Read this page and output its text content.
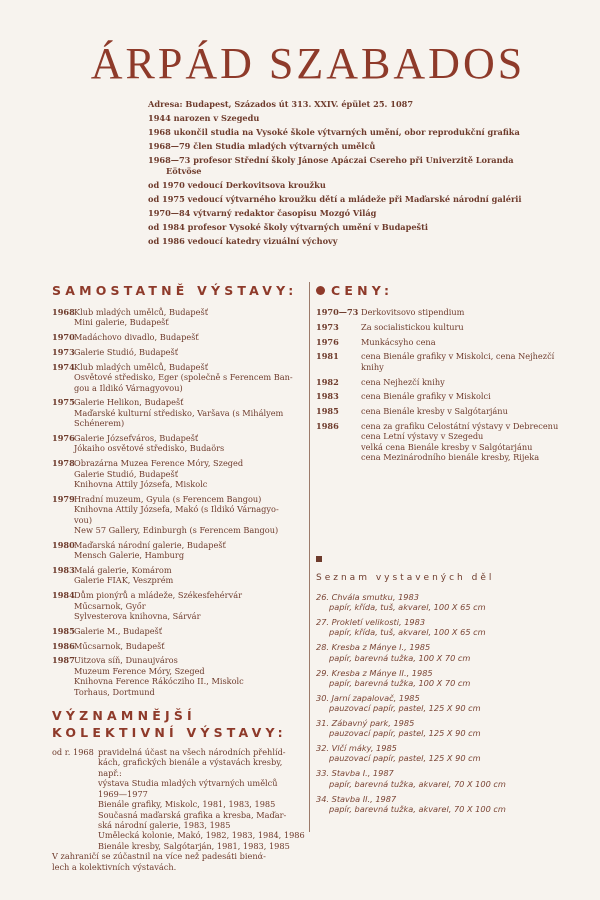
ÁRPÁD SZABADOS
Adresa: Budapest, Százados út 313. XXIV. épület 25. 1087
1944 narozen v Szegedu
1968 ukončil studia na Vysoké škole výtvarných umění, obor reprodukční grafika
1968—79 člen Studia mladých výtvarných umělců
1968—73 profesor Střední školy Jánose Apáczai Csereho při Univerzitě Loranda Eötvöse
od 1970 vedoucí Derkovitsova kroužku
od 1975 vedoucí výtvarného kroužku dětí a mládeže při Maďarské národní galérii
1970—84 výtvarný redaktor časopisu Mozgó Világ
od 1984 profesor Vysoké školy výtvarných umění v Budapešti
od 1986 vedoucí katedry vizuální výchovy
SAMOSTATNĚ VÝSTAVY:
1968 Klub mladých umělců, Budapešť
Mini galerie, Budapešť
1970 Madáchovo divadlo, Budapešť
1973 Galerie Studió, Budapešť
1974 Klub mladých umělců, Budapešť
Osvětové středisko, Eger (společně s Ferencem Ban-
gou a Ildikó Várnagyovou)
1975 Galerie Helikon, Budapešť
Maďarské kulturní středisko, Varšava (s Mihályem
Schénerem)
1976 Galerie Józsefváros, Budapešť
Jókaiho osvětové středisko, Budaörs
1978 Obrazárna Muzea Ference Móry, Szeged
Galerie Studió, Budapešť
Knihovna Attily Józsefa, Miskolc
1979 Hradní muzeum, Gyula (s Ferencem Bangou)
Knihovna Attily Józsefa, Makó (s Ildikó Várnagyo-
vou)
New 57 Gallery, Edinburgh (s Ferencem Bangou)
1980 Maďarská národní galerie, Budapešť
Mensch Galerie, Hamburg
1983 Malá galerie, Komárom
Galerie FIAK, Veszprém
1984 Dům pionýrů a mládeže, Székesfehérvár
Műcsarnok, Győr
Sylvesterova knihovna, Sárvár
1985 Galerie M., Budapešť
1986 Műcsarnok, Budapešť
1987 Uitzova síň, Dunaujváros
Muzeum Ference Móry, Szeged
Knihovna Ference Rákócziho II., Miskolc
Torhaus, Dortmund
VÝZNAMNĚJŠÍ
KOLEKTIVNÍ VÝSTAVY:
od r. 1968 pravidelná účast na všech národních přehlíd-
kách, grafických bienále a výstavách kresby,
např.:
výstava Studia mladých výtvarných umělců
1969—1977
Bienále grafiky, Miskolc, 1981, 1983, 1985
Současná maďarská grafika a kresba, Maďar-
ská národní galerie, 1983, 1985
Umělecká kolonie, Makó, 1982, 1983, 1984, 1986
Bienále kresby, Salgótarján, 1981, 1983, 1985
V zahraničí se zúčastnil na více než padesáti bienά-
lech a kolektivních výstavách.
CENY:
1970—73 Derkovitsovo stipendium
1973	Za socialistickou kulturu
1976	Munkácsyho cena
1981	cena Bienále grafiky v Miskolci, cena Nejhezčí
knihy
1982	cena Nejhezčí knihy
1983	cena Bienále grafiky v Miskolci
1985	cena Bienále kresby v Salgótarjánu
1986	cena za grafiku Celostátní výstavy v Debrecenu
cena Letní výstavy v Szegedu
velká cena Bienále kresby v Salgótarjánu
cena Mezinárodního bienále kresby, Rijeka
Seznam vystavených děl
26. Chvála smutku, 1983
papír, křída, tuš, akvarel, 100 X 65 cm
27. Prokletí velikosti, 1983
papír, křída, tuš, akvarel, 100 X 65 cm
28. Kresba z Mánye I., 1985
papír, barevná tužka, 100 X 70 cm
29. Kresba z Mánye II., 1985
papír, barevná tužka, 100 X 70 cm
30. Jarní zapalovač, 1985
pauzovací papír, pastel, 125 X 90 cm
31. Zábavný park, 1985
pauzovací papír, pastel, 125 X 90 cm
32. Vlčí máky, 1985
pauzovací papír, pastel, 125 X 90 cm
33. Stavba I., 1987
papír, barevná tužka, akvarel, 70 X 100 cm
34. Stavba II., 1987
papír, barevná tužka, akvarel, 70 X 100 cm
